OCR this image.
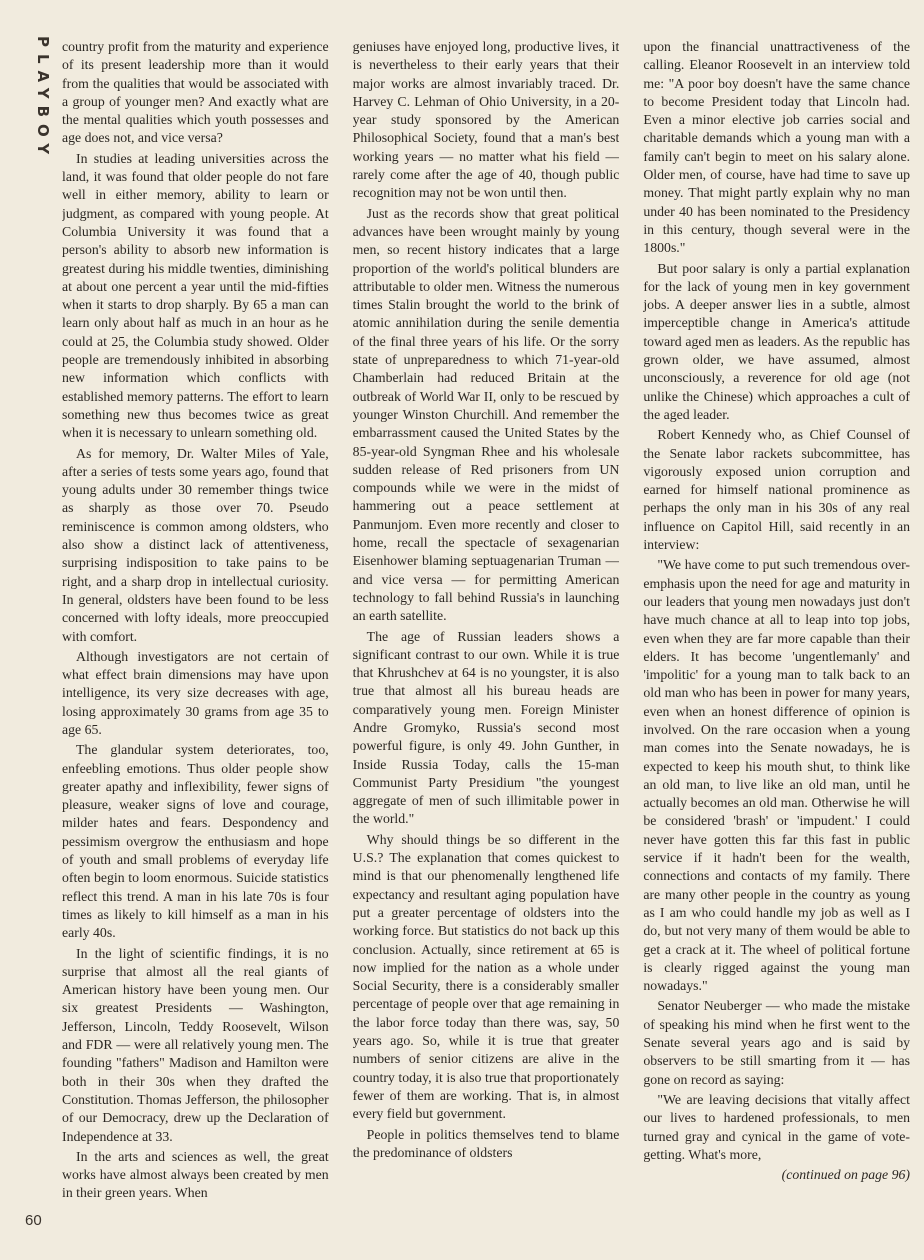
PLAYBOY country profit from the maturity and experience of its present leadership more than it would from the qualities that would be associated with a group of younger men? And exactly what are the mental qualities which youth possesses and age does not, and vice versa?

In studies at leading universities across the land, it was found that older people do not fare well in either memory, ability to learn or judgment, as compared with young people. At Columbia University it was found that a person's ability to absorb new information is greatest during his middle twenties, diminishing at about one percent a year until the mid-fifties when it starts to drop sharply. By 65 a man can learn only about half as much in an hour as he could at 25, the Columbia study showed. Older people are tremendously inhibited in absorbing new information which conflicts with established memory patterns. The effort to learn something new thus becomes twice as great when it is necessary to unlearn something old.

As for memory, Dr. Walter Miles of Yale, after a series of tests some years ago, found that young adults under 30 remember things twice as sharply as those over 70. Pseudo reminiscence is common among oldsters, who also show a distinct lack of attentiveness, surprising indisposition to take pains to be right, and a sharp drop in intellectual curiosity. In general, oldsters have been found to be less concerned with lofty ideals, more preoccupied with comfort.

Although investigators are not certain of what effect brain dimensions may have upon intelligence, its very size decreases with age, losing approximately 30 grams from age 35 to age 65.

The glandular system deteriorates, too, enfeebling emotions. Thus older people show greater apathy and inflexibility, fewer signs of pleasure, weaker signs of love and courage, milder hates and fears. Despondency and pessimism overgrow the enthusiasm and hope of youth and small problems of everyday life often begin to loom enormous. Suicide statistics reflect this trend. A man in his late 70s is four times as likely to kill himself as a man in his early 40s.

In the light of scientific findings, it is no surprise that almost all the real giants of American history have been young men. Our six greatest Presidents — Washington, Jefferson, Lincoln, Teddy Roosevelt, Wilson and FDR — were all relatively young men. The founding "fathers" Madison and Hamilton were both in their 30s when they drafted the Constitution. Thomas Jefferson, the philosopher of our Democracy, drew up the Declaration of Independence at 33.

In the arts and sciences as well, the great works have almost always been created by men in their green years. When

geniuses have enjoyed long, productive lives, it is nevertheless to their early years that their major works are almost invariably traced. Dr. Harvey C. Lehman of Ohio University, in a 20-year study sponsored by the American Philosophical Society, found that a man's best working years — no matter what his field — rarely come after the age of 40, though public recognition may not be won until then.

Just as the records show that great political advances have been wrought mainly by young men, so recent history indicates that a large proportion of the world's political blunders are attributable to older men. Witness the numerous times Stalin brought the world to the brink of atomic annihilation during the senile dementia of the final three years of his life. Or the sorry state of unpreparedness to which 71-year-old Chamberlain had reduced Britain at the outbreak of World War II, only to be rescued by younger Winston Churchill. And remember the embarrassment caused the United States by the 85-year-old Syngman Rhee and his wholesale sudden release of Red prisoners from UN compounds while we were in the midst of hammering out a peace settlement at Panmunjom. Even more recently and closer to home, recall the spectacle of sexagenarian Eisenhower blaming septuagenarian Truman — and vice versa — for permitting American technology to fall behind Russia's in launching an earth satellite.

The age of Russian leaders shows a significant contrast to our own. While it is true that Khrushchev at 64 is no youngster, it is also true that almost all his bureau heads are comparatively young men. Foreign Minister Andre Gromyko, Russia's second most powerful figure, is only 49. John Gunther, in Inside Russia Today, calls the 15-man Communist Party Presidium "the youngest aggregate of men of such illimitable power in the world."

Why should things be so different in the U.S.? The explanation that comes quickest to mind is that our phenomenally lengthened life expectancy and resultant aging population have put a greater percentage of oldsters into the working force. But statistics do not back up this conclusion. Actually, since retirement at 65 is now implied for the nation as a whole under Social Security, there is a considerably smaller percentage of people over that age remaining in the labor force today than there was, say, 50 years ago. So, while it is true that greater numbers of senior citizens are alive in the country today, it is also true that proportionately fewer of them are working. That is, in almost every field but government.

People in politics themselves tend to blame the predominance of oldsters

upon the financial unattractiveness of the calling. Eleanor Roosevelt in an interview told me: "A poor boy doesn't have the same chance to become President today that Lincoln had. Even a minor elective job carries social and charitable demands which a young man with a family can't begin to meet on his salary alone. Older men, of course, have had time to save up money. That might partly explain why no man under 40 has been nominated to the Presidency in this century, though several were in the 1800s."

But poor salary is only a partial explanation for the lack of young men in key government jobs. A deeper answer lies in a subtle, almost imperceptible change in America's attitude toward aged men as leaders. As the republic has grown older, we have assumed, almost unconsciously, a reverence for old age (not unlike the Chinese) which approaches a cult of the aged leader.

Robert Kennedy who, as Chief Counsel of the Senate labor rackets subcommittee, has vigorously exposed union corruption and earned for himself national prominence as perhaps the only man in his 30s of any real influence on Capitol Hill, said recently in an interview:

"We have come to put such tremendous over-emphasis upon the need for age and maturity in our leaders that young men nowadays just don't have much chance at all to leap into top jobs, even when they are far more capable than their elders. It has become 'ungentlemanly' and 'impolitic' for a young man to talk back to an old man who has been in power for many years, even when an honest difference of opinion is involved. On the rare occasion when a young man comes into the Senate nowadays, he is expected to keep his mouth shut, to think like an old man, to live like an old man, until he actually becomes an old man. Otherwise he will be considered 'brash' or 'impudent.' I could never have gotten this far this fast in public service if it hadn't been for the wealth, connections and contacts of my family. There are many other people in the country as young as I am who could handle my job as well as I do, but not very many of them would be able to get a crack at it. The wheel of political fortune is clearly rigged against the young man nowadays."

Senator Neuberger — who made the mistake of speaking his mind when he first went to the Senate several years ago and is said by observers to be still smarting from it — has gone on record as saying:

"We are leaving decisions that vitally affect our lives to hardened professionals, to men turned gray and cynical in the game of vote-getting. What's more,

(continued on page 96)

60
